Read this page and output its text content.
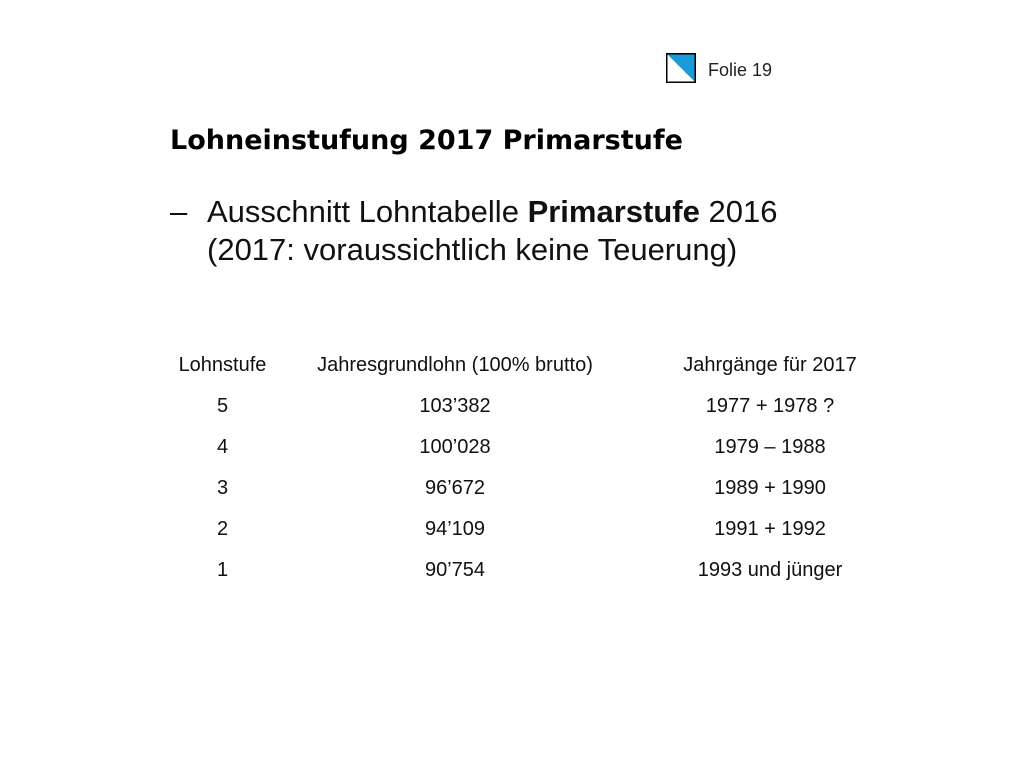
Folie 19
Lohneinstufung 2017 Primarstufe
– Ausschnitt Lohntabelle Primarstufe 2016
(2017: voraussichtlich keine Teuerung)
Lohnstufe	Jahresgrundlohn (100% brutto)	Jahrgänge für 2017
5	103’382	1977 + 1978 ?
4	100’028	1979 – 1988
3	96’672	1989 + 1990
2	94’109	1991 + 1992
1	90’754	1993 und jünger
